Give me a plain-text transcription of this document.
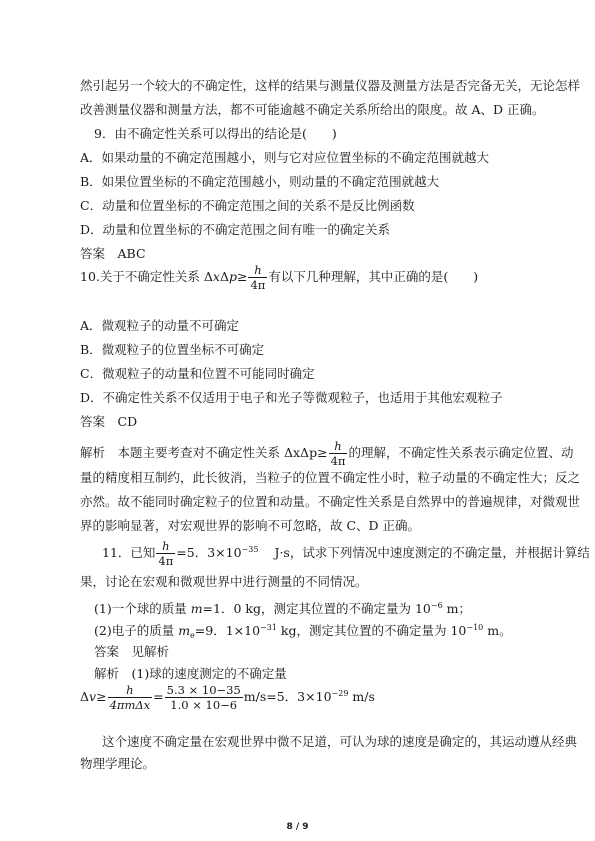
然引起另一个较大的不确定性，这样的结果与测量仪器及测量方法是否完备无关，无论怎样
改善测量仪器和测量方法，都不可能逾越不确定关系所给出的限度。故 A、D 正确。
9．由不确定性关系可以得出的结论是(　　)
A．如果动量的不确定范围越小，则与它对应位置坐标的不确定范围就越大
B．如果位置坐标的不确定范围越小，则动量的不确定范围就越大
C．动量和位置坐标的不确定范围之间的关系不是反比例函数
D．动量和位置坐标的不确定范围之间有唯一的确定关系
答案　ABC
10.关于不确定性关系 $\Delta x\Delta p\ge \frac{h}{4\pi}$ 有以下几种理解，其中正确的是(　　)
A．微观粒子的动量不可确定
B．微观粒子的位置坐标不可确定
C．微观粒子的动量和位置不可能同时确定
D．不确定性关系不仅适用于电子和光子等微观粒子，也适用于其他宏观粒子
答案　CD
解析　本题主要考查对不确定性关系 $\Delta x\Delta p\ge \frac{h}{4\pi}$ 的理解，不确定性关系表示确定位置、动
量的精度相互制约，此长彼消，当粒子的位置不确定性小时，粒子动量的不确定性大；反之
亦然。故不能同时确定粒子的位置和动量。不确定性关系是自然界中的普遍规律，对微观世
界的影响显著，对宏观世界的影响不可忽略，故 C、D 正确。
11．已知 $\frac{h}{4\pi} =5$．$3\times 10^{-35}$ J·s，试求下列情况中速度测定的不确定量，并根据计算结
果，讨论在宏观和微观世界中进行测量的不同情况。
(1)一个球的质量 m=1．0 kg，测定其位置的不确定量为 $10^{-6}$ m；
(2)电子的质量 $m_e=9$．$1\times 10^{-31}$ kg，测定其位置的不确定量为 $10^{-10}$ m。
答案　见解析
解析　(1)球的速度测定的不确定量
$\Delta v\ge \frac{h}{\text{4πmΔx}} = \frac{5.3 \times 10-35}{1.0 \times 10-6} m/s=5$．$3\times 10^{-29}$ m/s
这个速度不确定量在宏观世界中微不足道，可认为球的速度是确定的，其运动遵从经典
物理学理论。
8 / 9
